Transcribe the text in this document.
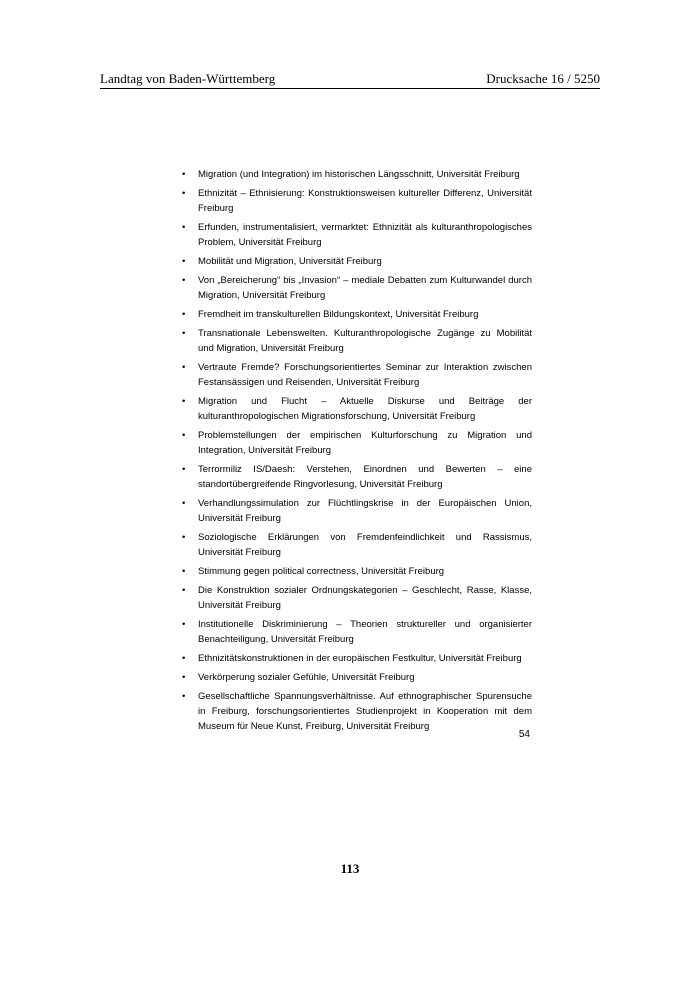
Landtag von Baden-Württemberg	Drucksache 16 / 5250
• Migration (und Integration) im historischen Längsschnitt, Universität Freiburg
• Ethnizität – Ethnisierung: Konstruktionsweisen kultureller Differenz, Universität Freiburg
• Erfunden, instrumentalisiert, vermarktet: Ethnizität als kulturanthropologisches Problem, Universität Freiburg
• Mobilität und Migration, Universität Freiburg
• Von „Bereicherung“ bis „Invasion“ – mediale Debatten zum Kulturwandel durch Migration, Universität Freiburg
• Fremdheit im transkulturellen Bildungskontext, Universität Freiburg
• Transnationale Lebenswelten. Kulturanthropologische Zugänge zu Mobilität und Migration, Universität Freiburg
• Vertraute Fremde? Forschungsorientiertes Seminar zur Interaktion zwischen Festansässigen und Reisenden, Universität Freiburg
• Migration und Flucht – Aktuelle Diskurse und Beiträge der kulturanthropologischen Migrationsforschung, Universität Freiburg
• Problemstellungen der empirischen Kulturforschung zu Migration und Integration, Universität Freiburg
• Terrormiliz IS/Daesh: Verstehen, Einordnen und Bewerten – eine standortübergreifende Ringvorlesung, Universität Freiburg
• Verhandlungssimulation zur Flüchtlingskrise in der Europäischen Union, Universität Freiburg
• Soziologische Erklärungen von Fremdenfeindlichkeit und Rassismus, Universität Freiburg
• Stimmung gegen political correctness, Universität Freiburg
• Die Konstruktion sozialer Ordnungskategorien – Geschlecht, Rasse, Klasse, Universität Freiburg
• Institutionelle Diskriminierung – Theorien struktureller und organisierter Benachteiligung, Universität Freiburg
• Ethnizitätskonstruktionen in der europäischen Festkultur, Universität Freiburg
• Verkörperung sozialer Gefühle, Universität Freiburg
• Gesellschaftliche Spannungsverhältnisse. Auf ethnographischer Spurensuche in Freiburg, forschungsorientiertes Studienprojekt in Kooperation mit dem Museum für Neue Kunst, Freiburg, Universität Freiburg
54
113
